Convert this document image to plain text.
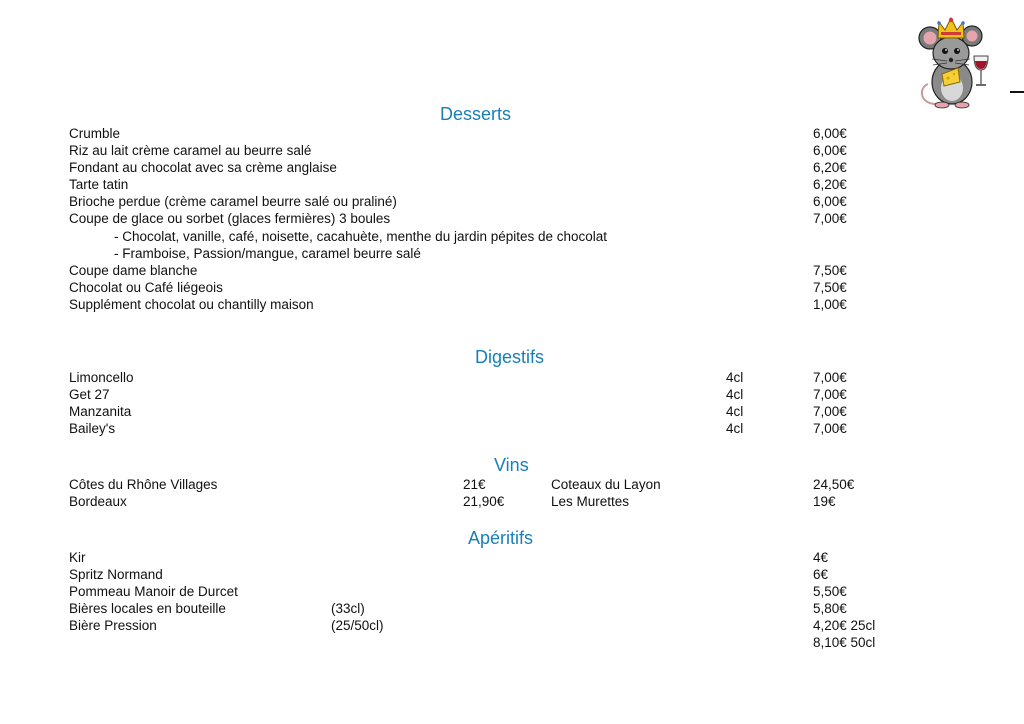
Desserts
Crumble	6,00€
Riz au lait crème caramel au beurre salé	6,00€
Fondant au chocolat avec sa crème anglaise	6,20€
Tarte tatin	6,20€
Brioche perdue (crème caramel beurre salé ou praliné)	6,00€
Coupe de glace ou sorbet (glaces fermières) 3 boules	7,00€
- Chocolat, vanille, café, noisette, cacahuète, menthe du jardin pépites de chocolat
- Framboise, Passion/mangue, caramel beurre salé
Coupe dame blanche	7,50€
Chocolat ou Café liégeois	7,50€
Supplément chocolat ou chantilly maison	1,00€
Digestifs
Limoncello	4cl	7,00€
Get 27	4cl	7,00€
Manzanita	4cl	7,00€
Bailey's	4cl	7,00€
Vins
Côtes du Rhône Villages	21€	Coteaux du Layon	24,50€
Bordeaux	21,90€	Les Murettes	19€
Apéritifs
Kir	4€
Spritz Normand	6€
Pommeau Manoir de Durcet	5,50€
Bières locales en bouteille	(33cl)	5,80€
Bière Pression	(25/50cl)	4,20€ 25cl
8,10€ 50cl
